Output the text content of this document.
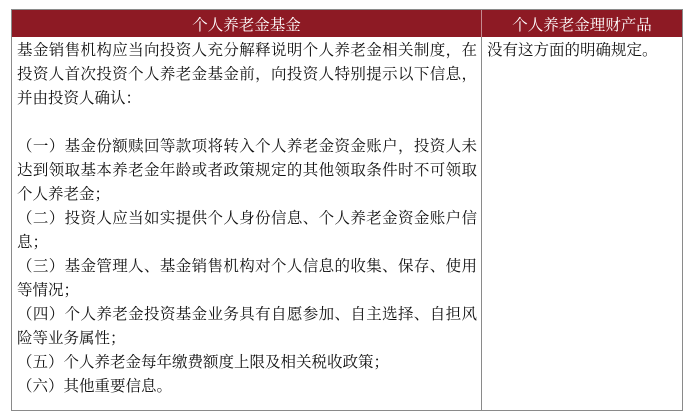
个人养老金基金	个人养老金理财产品

基金销售机构应当向投资人充分解释说明个人养老金相关制度，在投资人首次投资个人养老金基金前，向投资人特别提示以下信息，并由投资人确认：

（一）基金份额赎回等款项将转入个人养老金资金账户，投资人未达到领取基本养老金年龄或者政策规定的其他领取条件时不可领取个人养老金；

（二）投资人应当如实提供个人身份信息、个人养老金资金账户信息；

（三）基金管理人、基金销售机构对个人信息的收集、保存、使用等情况；

（四）个人养老金投资基金业务具有自愿参加、自主选择、自担风险等业务属性；

（五）个人养老金每年缴费额度上限及相关税收政策；

（六）其他重要信息。

没有这方面的明确规定。
